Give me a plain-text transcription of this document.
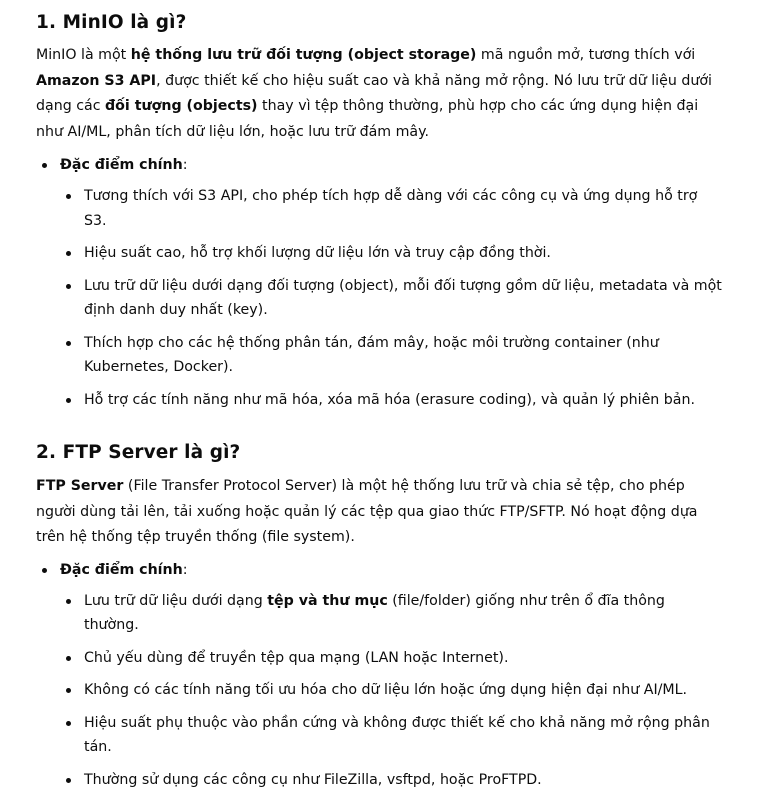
1. MinIO là gì?

MinIO là một hệ thống lưu trữ đối tượng (object storage) mã nguồn mở, tương thích với Amazon S3 API, được thiết kế cho hiệu suất cao và khả năng mở rộng. Nó lưu trữ dữ liệu dưới dạng các đối tượng (objects) thay vì tệp thông thường, phù hợp cho các ứng dụng hiện đại như AI/ML, phân tích dữ liệu lớn, hoặc lưu trữ đám mây.

Đặc điểm chính:
Tương thích với S3 API, cho phép tích hợp dễ dàng với các công cụ và ứng dụng hỗ trợ S3.
Hiệu suất cao, hỗ trợ khối lượng dữ liệu lớn và truy cập đồng thời.
Lưu trữ dữ liệu dưới dạng đối tượng (object), mỗi đối tượng gồm dữ liệu, metadata và một định danh duy nhất (key).
Thích hợp cho các hệ thống phân tán, đám mây, hoặc môi trường container (như Kubernetes, Docker).
Hỗ trợ các tính năng như mã hóa, xóa mã hóa (erasure coding), và quản lý phiên bản.
2. FTP Server là gì?

FTP Server (File Transfer Protocol Server) là một hệ thống lưu trữ và chia sẻ tệp, cho phép người dùng tải lên, tải xuống hoặc quản lý các tệp qua giao thức FTP/SFTP. Nó hoạt động dựa trên hệ thống tệp truyền thống (file system).

Đặc điểm chính:
Lưu trữ dữ liệu dưới dạng tệp và thư mục (file/folder) giống như trên ổ đĩa thông thường.
Chủ yếu dùng để truyền tệp qua mạng (LAN hoặc Internet).
Không có các tính năng tối ưu hóa cho dữ liệu lớn hoặc ứng dụng hiện đại như AI/ML.
Hiệu suất phụ thuộc vào phần cứng và không được thiết kế cho khả năng mở rộng phân tán.
Thường sử dụng các công cụ như FileZilla, vsftpd, hoặc ProFTPD.
